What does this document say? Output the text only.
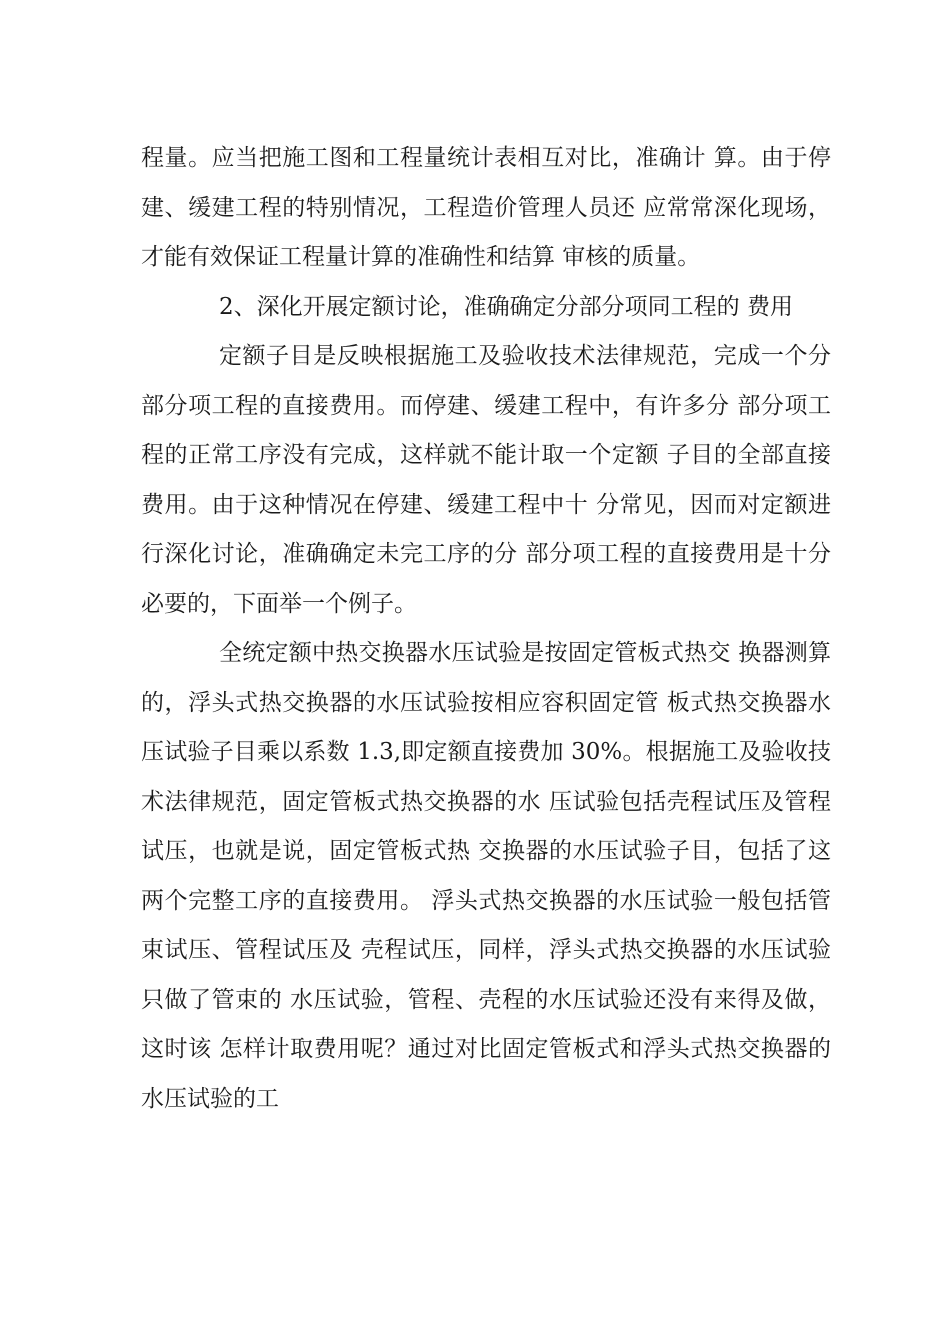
程量。应当把施工图和工程量统计表相互对比，准确计 算。由于停建、缓建工程的特别情况，工程造价管理人员还 应常常深化现场，才能有效保证工程量计算的准确性和结算 审核的质量。

2、深化开展定额讨论，准确确定分部分项同工程的 费用

定额子目是反映根据施工及验收技术法律规范，完成一个分部分项工程的直接费用。而停建、缓建工程中，有许多分 部分项工程的正常工序没有完成，这样就不能计取一个定额 子目的全部直接费用。由于这种情况在停建、缓建工程中十 分常见，因而对定额进行深化讨论，准确确定未完工序的分 部分项工程的直接费用是十分必要的，下面举一个例子。

全统定额中热交换器水压试验是按固定管板式热交 换器测算的，浮头式热交换器的水压试验按相应容积固定管 板式热交换器水压试验子目乘以系数 1.3,即定额直接费加 30%。根据施工及验收技术法律规范，固定管板式热交换器的水 压试验包括壳程试压及管程试压，也就是说，固定管板式热 交换器的水压试验子目，包括了这两个完整工序的直接费用。 浮头式热交换器的水压试验一般包括管束试压、管程试压及 壳程试压，同样，浮头式热交换器的水压试验只做了管束的 水压试验，管程、壳程的水压试验还没有来得及做，这时该 怎样计取费用呢？通过对比固定管板式和浮头式热交换器的 水压试验的工
